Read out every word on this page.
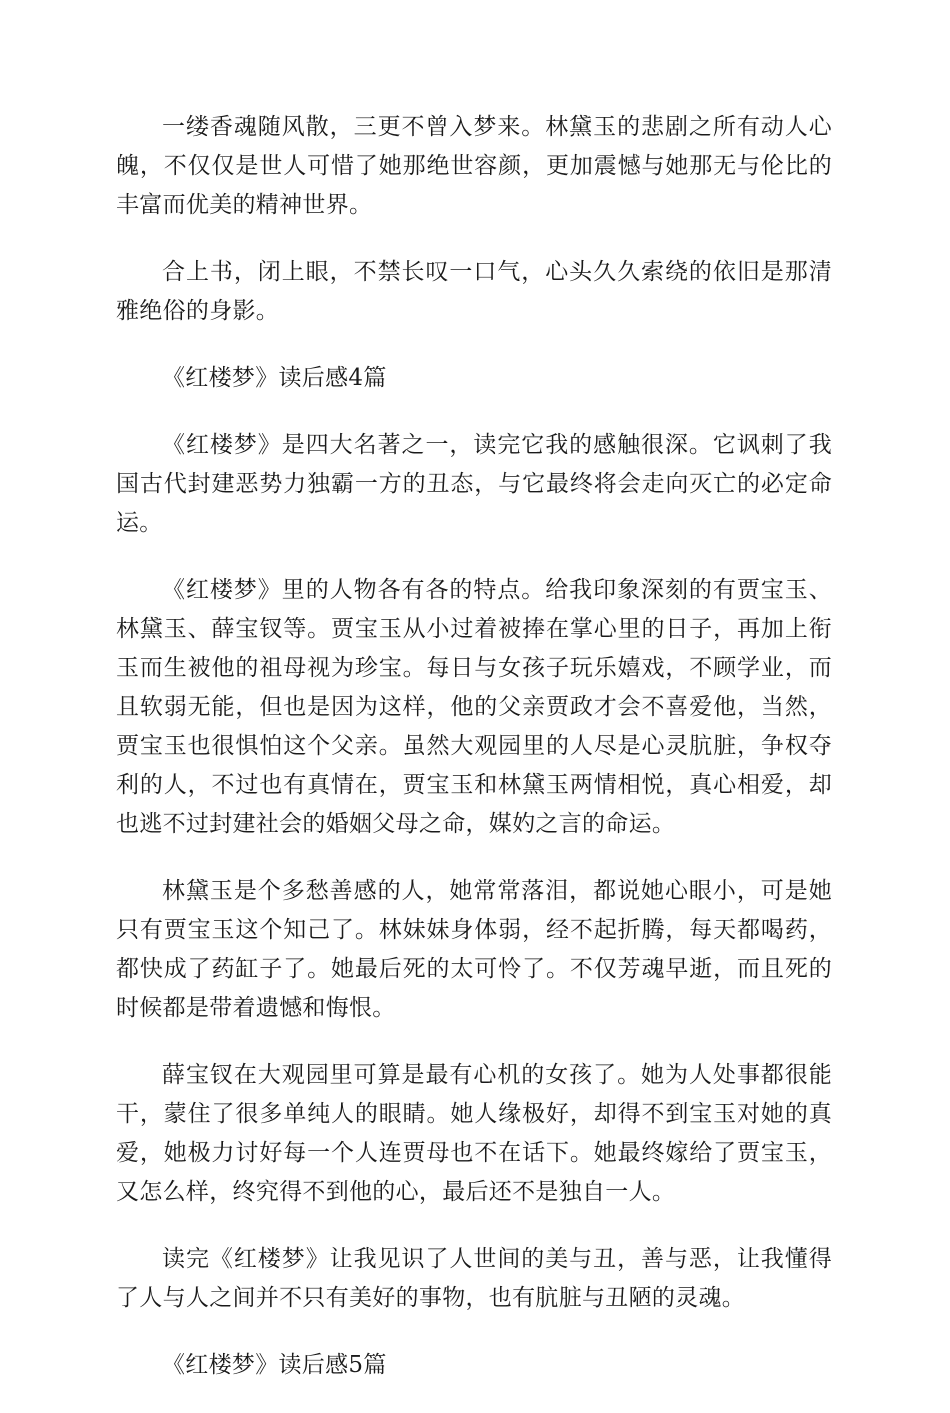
一缕香魂随风散，三更不曾入梦来。林黛玉的悲剧之所有动人心魄，不仅仅是世人可惜了她那绝世容颜，更加震憾与她那无与伦比的丰富而优美的精神世界。

合上书，闭上眼，不禁长叹一口气，心头久久索绕的依旧是那清雅绝俗的身影。

《红楼梦》读后感4篇

《红楼梦》是四大名著之一，读完它我的感触很深。它讽刺了我国古代封建恶势力独霸一方的丑态，与它最终将会走向灭亡的必定命运。

《红楼梦》里的人物各有各的特点。给我印象深刻的有贾宝玉、林黛玉、薛宝钗等。贾宝玉从小过着被捧在掌心里的日子，再加上衔玉而生被他的祖母视为珍宝。每日与女孩子玩乐嬉戏，不顾学业，而且软弱无能，但也是因为这样，他的父亲贾政才会不喜爱他，当然，贾宝玉也很惧怕这个父亲。虽然大观园里的人尽是心灵肮脏，争权夺利的人，不过也有真情在，贾宝玉和林黛玉两情相悦，真心相爱，却也逃不过封建社会的婚姻父母之命，媒妁之言的命运。

林黛玉是个多愁善感的人，她常常落泪，都说她心眼小，可是她只有贾宝玉这个知己了。林妹妹身体弱，经不起折腾，每天都喝药，都快成了药缸子了。她最后死的太可怜了。不仅芳魂早逝，而且死的时候都是带着遗憾和悔恨。

薛宝钗在大观园里可算是最有心机的女孩了。她为人处事都很能干，蒙住了很多单纯人的眼睛。她人缘极好，却得不到宝玉对她的真爱，她极力讨好每一个人连贾母也不在话下。她最终嫁给了贾宝玉，又怎么样，终究得不到他的心，最后还不是独自一人。

读完《红楼梦》让我见识了人世间的美与丑，善与恶，让我懂得了人与人之间并不只有美好的事物，也有肮脏与丑陋的灵魂。

《红楼梦》读后感5篇
